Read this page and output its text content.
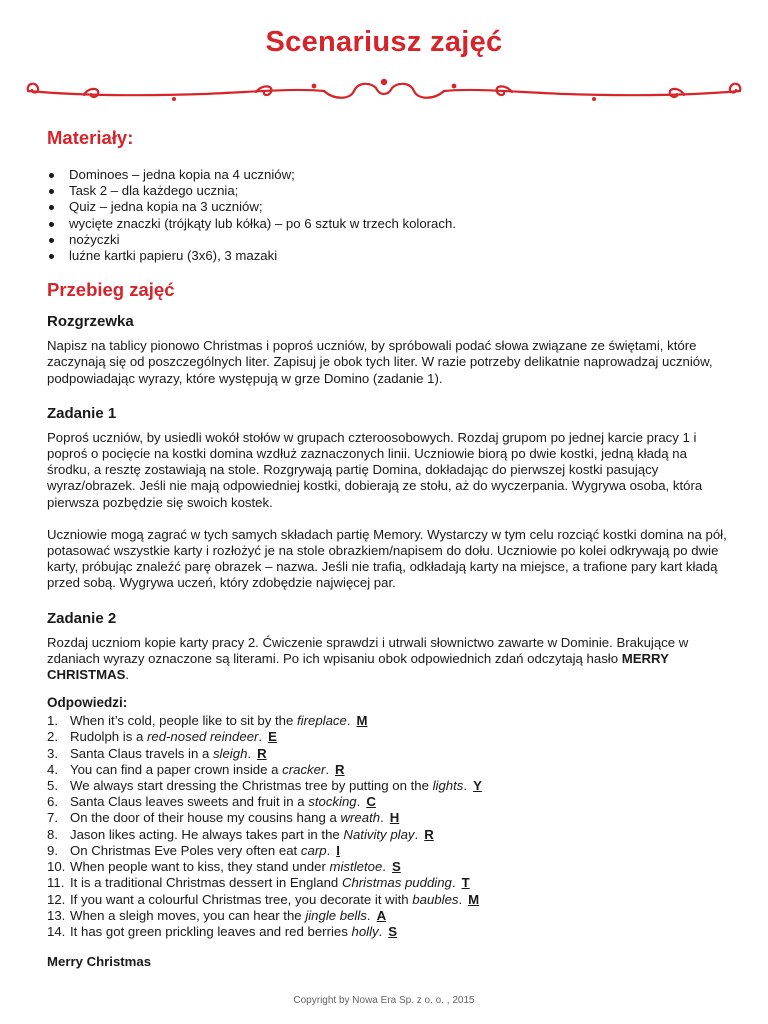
Scenariusz zajęć
Materiały:
Dominoes – jedna kopia na 4 uczniów;
Task 2 – dla każdego ucznia;
Quiz – jedna kopia na 3 uczniów;
wycięte znaczki (trójkąty lub kółka) – po 6 sztuk w trzech kolorach.
nożyczki
luźne kartki papieru (3x6), 3 mazaki
Przebieg zajęć
Rozgrzewka

Napisz na tablicy pionowo Christmas i poproś uczniów, by spróbowali podać słowa związane ze świętami, które zaczynają się od poszczególnych liter. Zapisuj je obok tych liter. W razie potrzeby delikatnie naprowadzaj uczniów, podpowiadając wyrazy, które występują w grze Domino (zadanie 1).

Zadanie 1

Poproś uczniów, by usiedli wokół stołów w grupach czteroosobowych. Rozdaj grupom po jednej karcie pracy 1 i poproś o pocięcie na kostki domina wzdłuż zaznaczonych linii. Uczniowie biorą po dwie kostki, jedną kładą na środku, a resztę zostawiają na stole. Rozgrywają partię Domina, dokładając do pierwszej kostki pasujący wyraz/obrazek. Jeśli nie mają odpowiedniej kostki, dobierają ze stołu, aż do wyczerpania. Wygrywa osoba, która pierwsza pozbędzie się swoich kostek.

Uczniowie mogą zagrać w tych samych składach partię Memory. Wystarczy w tym celu rozciąć kostki domina na pół, potasować wszystkie karty i rozłożyć je na stole obrazkiem/napisem do dołu. Uczniowie po kolei odkrywają po dwie karty, próbując znaleźć parę obrazek – nazwa. Jeśli nie trafią, odkładają karty na miejsce, a trafione pary kart kładą przed sobą. Wygrywa uczeń, który zdobędzie najwięcej par.

Zadanie 2

Rozdaj uczniom kopie karty pracy 2. Ćwiczenie sprawdzi i utrwali słownictwo zawarte w Dominie. Brakujące w zdaniach wyrazy oznaczone są literami. Po ich wpisaniu obok odpowiednich zdań odczytają hasło MERRY CHRISTMAS.

Odpowiedzi:
1. When it’s cold, people like to sit by the fireplace. M
2. Rudolph is a red-nosed reindeer. E
3. Santa Claus travels in a sleigh. R
4. You can find a paper crown inside a cracker. R
5. We always start dressing the Christmas tree by putting on the lights. Y
6. Santa Claus leaves sweets and fruit in a stocking. C
7. On the door of their house my cousins hang a wreath. H
8. Jason likes acting. He always takes part in the Nativity play. R
9. On Christmas Eve Poles very often eat carp. I
10. When people want to kiss, they stand under mistletoe. S
11. It is a traditional Christmas dessert in England Christmas pudding. T
12. If you want a colourful Christmas tree, you decorate it with baubles. M
13. When a sleigh moves, you can hear the jingle bells. A
14. It has got green prickling leaves and red berries holly. S

Merry Christmas

Copyright by Nowa Era Sp. z o. o. , 2015
